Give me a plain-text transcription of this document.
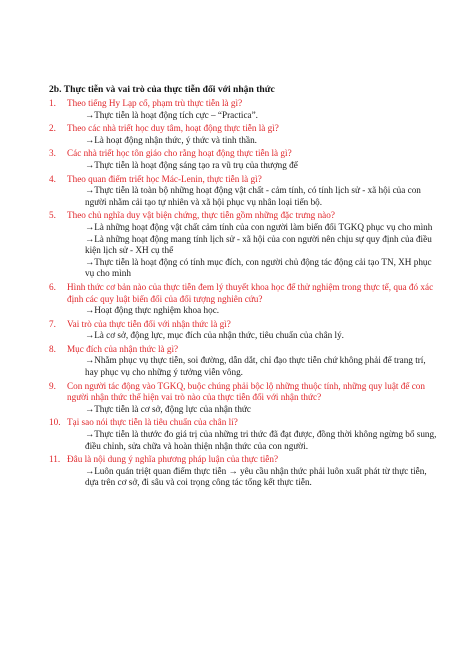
2b. Thực tiễn và vai trò của thực tiễn đối với nhận thức
1. Theo tiếng Hy Lạp cổ, phạm trù thực tiễn là gì?
→Thực tiễn là hoạt động tích cực – “Practica”.
2. Theo các nhà triết học duy tâm, hoạt động thực tiễn là gì?
→Là hoạt động nhận thức, ý thức và tinh thần.
3. Các nhà triết học tôn giáo cho rằng hoạt động thực tiễn là gì?
→Thực tiễn là hoạt động sáng tạo ra vũ trụ của thượng đế
4. Theo quan điểm triết học Mác-Lenin, thực tiễn là gì?
→Thực tiễn là toàn bộ những hoạt động vật chất - cảm tính, có tính lịch sử - xã hội của con người nhằm cải tạo tự nhiên và xã hội phục vụ nhân loại tiến bộ.
5. Theo chủ nghĩa duy vật biện chứng, thực tiễn gồm những đặc trưng nào?
→Là những hoạt động vật chất cảm tính của con người làm biến đổi TGKQ phục vụ cho mình
→Là những hoạt động mang tính lịch sử - xã hội của con người nên chịu sự quy định của điều kiện lịch sử - XH cụ thể
→Thực tiễn là hoạt động có tính mục đích, con người chủ động tác động cải tạo TN, XH phục vụ cho mình
6. Hình thức cơ bản nào của thực tiễn đem lý thuyết khoa học để thử nghiệm trong thực tế, qua đó xác định các quy luật biến đổi của đối tượng nghiên cứu?
→Hoạt động thực nghiệm khoa học.
7. Vai trò của thực tiễn đối với nhận thức là gì?
→Là cơ sở, động lực, mục đích của nhận thức, tiêu chuẩn của chân lý.
8. Mục đích của nhận thức là gì?
→Nhằm phục vụ thực tiễn, soi đường, dẫn dắt, chỉ đạo thực tiễn chứ không phải để trang trí, hay phục vụ cho những ý tưởng viễn vông.
9. Con người tác động vào TGKQ, buộc chúng phải bộc lộ những thuộc tính, những quy luật để con người nhận thức thể hiện vai trò nào của thực tiễn đối với nhận thức?
→Thực tiễn là cơ sở, động lực của nhận thức
10. Tại sao nói thực tiễn là tiêu chuẩn của chân lí?
→Thực tiễn là thước đo giá trị của những tri thức đã đạt được, đồng thời không ngừng bổ sung, điều chỉnh, sửa chữa và hoàn thiện nhận thức của con người.
11. Đâu là nội dung ý nghĩa phương pháp luận của thực tiễn?
→Luôn quán triệt quan điểm thực tiễn → yêu cầu nhận thức phải luôn xuất phát từ thực tiễn, dựa trên cơ sở, đi sâu và coi trọng công tác tổng kết thực tiễn.
